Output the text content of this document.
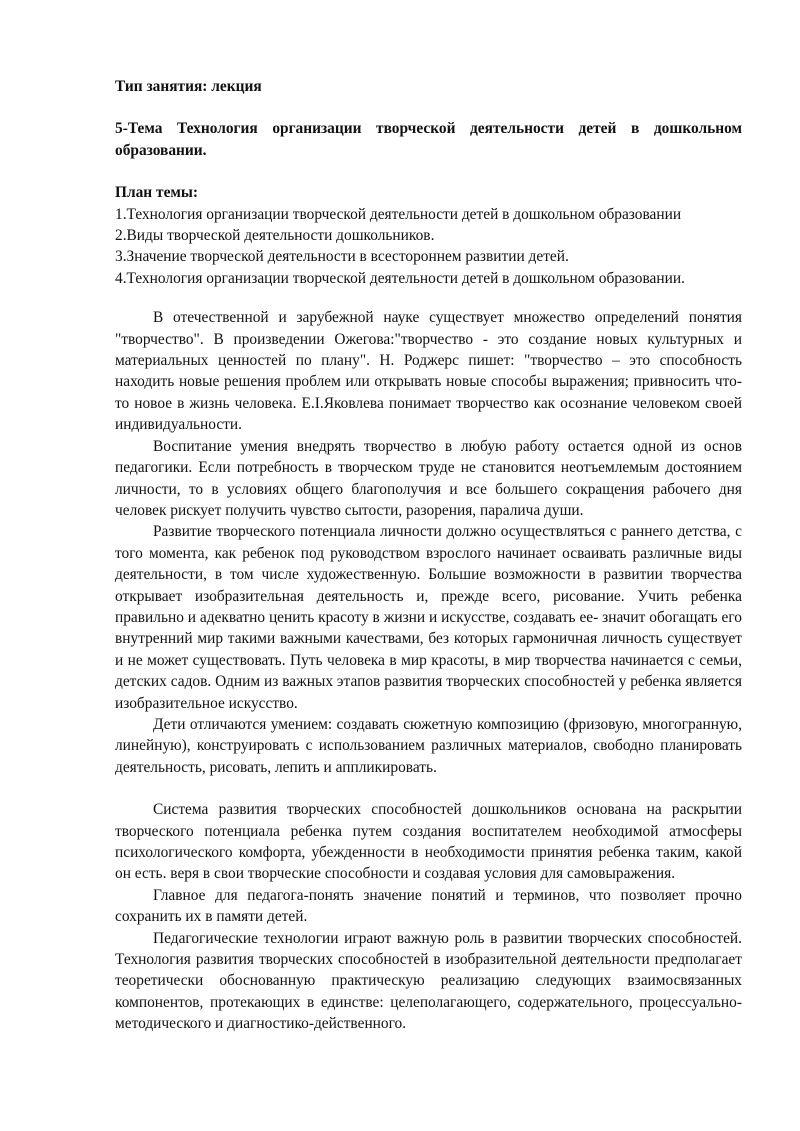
Тип занятия: лекция

5-Тема Технология организации творческой деятельности детей в дошкольном образовании.

План темы:

1.Технология организации творческой деятельности детей в дошкольном образовании
2.Виды творческой деятельности дошкольников.
3.Значение творческой деятельности в всестороннем развитии детей.
4.Технология организации творческой деятельности детей в дошкольном образовании.

В отечественной и зарубежной науке существует множество определений понятия "творчество". В произведении Ожегова:"творчество - это создание новых культурных и материальных ценностей по плану". Н. Роджерс пишет: "творчество – это способность находить новые решения проблем или открывать новые способы выражения; привносить что-то новое в жизнь человека. Е.І.Яковлева понимает творчество как осознание человеком своей индивидуальности.

Воспитание умения внедрять творчество в любую работу остается одной из основ педагогики. Если потребность в творческом труде не становится неотъемлемым достоянием личности, то в условиях общего благополучия и все большего сокращения рабочего дня человек рискует получить чувство сытости, разорения, паралича души.

Развитие творческого потенциала личности должно осуществляться с раннего детства, с того момента, как ребенок под руководством взрослого начинает осваивать различные виды деятельности, в том числе художественную. Большие возможности в развитии творчества открывает изобразительная деятельность и, прежде всего, рисование. Учить ребенка правильно и адекватно ценить красоту в жизни и искусстве, создавать ее- значит обогащать его внутренний мир такими важными качествами, без которых гармоничная личность существует и не может существовать. Путь человека в мир красоты, в мир творчества начинается с семьи, детских садов. Одним из важных этапов развития творческих способностей у ребенка является изобразительное искусство.

Дети отличаются умением: создавать сюжетную композицию (фризовую, многогранную, линейную), конструировать с использованием различных материалов, свободно планировать деятельность, рисовать, лепить и аппликировать.

Система развития творческих способностей дошкольников основана на раскрытии творческого потенциала ребенка путем создания воспитателем необходимой атмосферы психологического комфорта, убежденности в необходимости принятия ребенка таким, какой он есть. веря в свои творческие способности и создавая условия для самовыражения.

Главное для педагога-понять значение понятий и терминов, что позволяет прочно сохранить их в памяти детей.

Педагогические технологии играют важную роль в развитии творческих способностей. Технология развития творческих способностей в изобразительной деятельности предполагает теоретически обоснованную практическую реализацию следующих взаимосвязанных компонентов, протекающих в единстве: целеполагающего, содержательного, процессуально-методического и диагностико-действенного.
